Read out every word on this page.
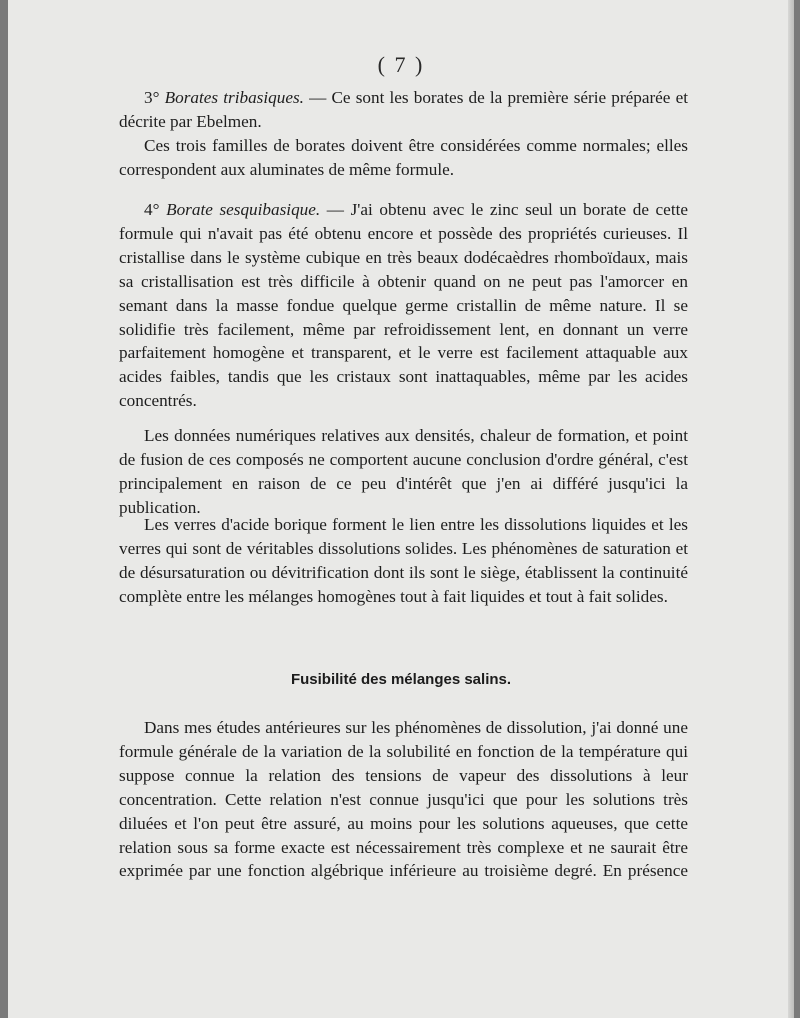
( 7 )

3° Borates tribasiques. — Ce sont les borates de la première série préparée et décrite par Ebelmen.

Ces trois familles de borates doivent être considérées comme normales; elles correspondent aux aluminates de même formule.

4° Borate sesquibasique. — J'ai obtenu avec le zinc seul un borate de cette formule qui n'avait pas été obtenu encore et possède des propriétés curieuses. Il cristallise dans le système cubique en très beaux dodécaèdres rhomboïdaux, mais sa cristallisation est très difficile à obtenir quand on ne peut pas l'amorcer en semant dans la masse fondue quelque germe cristallin de même nature. Il se solidifie très facilement, même par refroidissement lent, en donnant un verre parfaitement homogène et transparent, et le verre est facilement attaquable aux acides faibles, tandis que les cristaux sont inattaquables, même par les acides concentrés.

Les données numériques relatives aux densités, chaleur de formation, et point de fusion de ces composés ne comportent aucune conclusion d'ordre général, c'est principalement en raison de ce peu d'intérêt que j'en ai différé jusqu'ici la publication.

Les verres d'acide borique forment le lien entre les dissolutions liquides et les verres qui sont de véritables dissolutions solides. Les phénomènes de saturation et de désursaturation ou dévitrification dont ils sont le siège, établissent la continuité complète entre les mélanges homogènes tout à fait liquides et tout à fait solides.

Fusibilité des mélanges salins.

Dans mes études antérieures sur les phénomènes de dissolution, j'ai donné une formule générale de la variation de la solubilité en fonction de la température qui suppose connue la relation des tensions de vapeur des dissolutions à leur concentration. Cette relation n'est connue jusqu'ici que pour les solutions très diluées et l'on peut être assuré, au moins pour les solutions aqueuses, que cette relation sous sa forme exacte est nécessairement très complexe et ne saurait être exprimée par une fonction algébrique inférieure au troisième degré. En présence
